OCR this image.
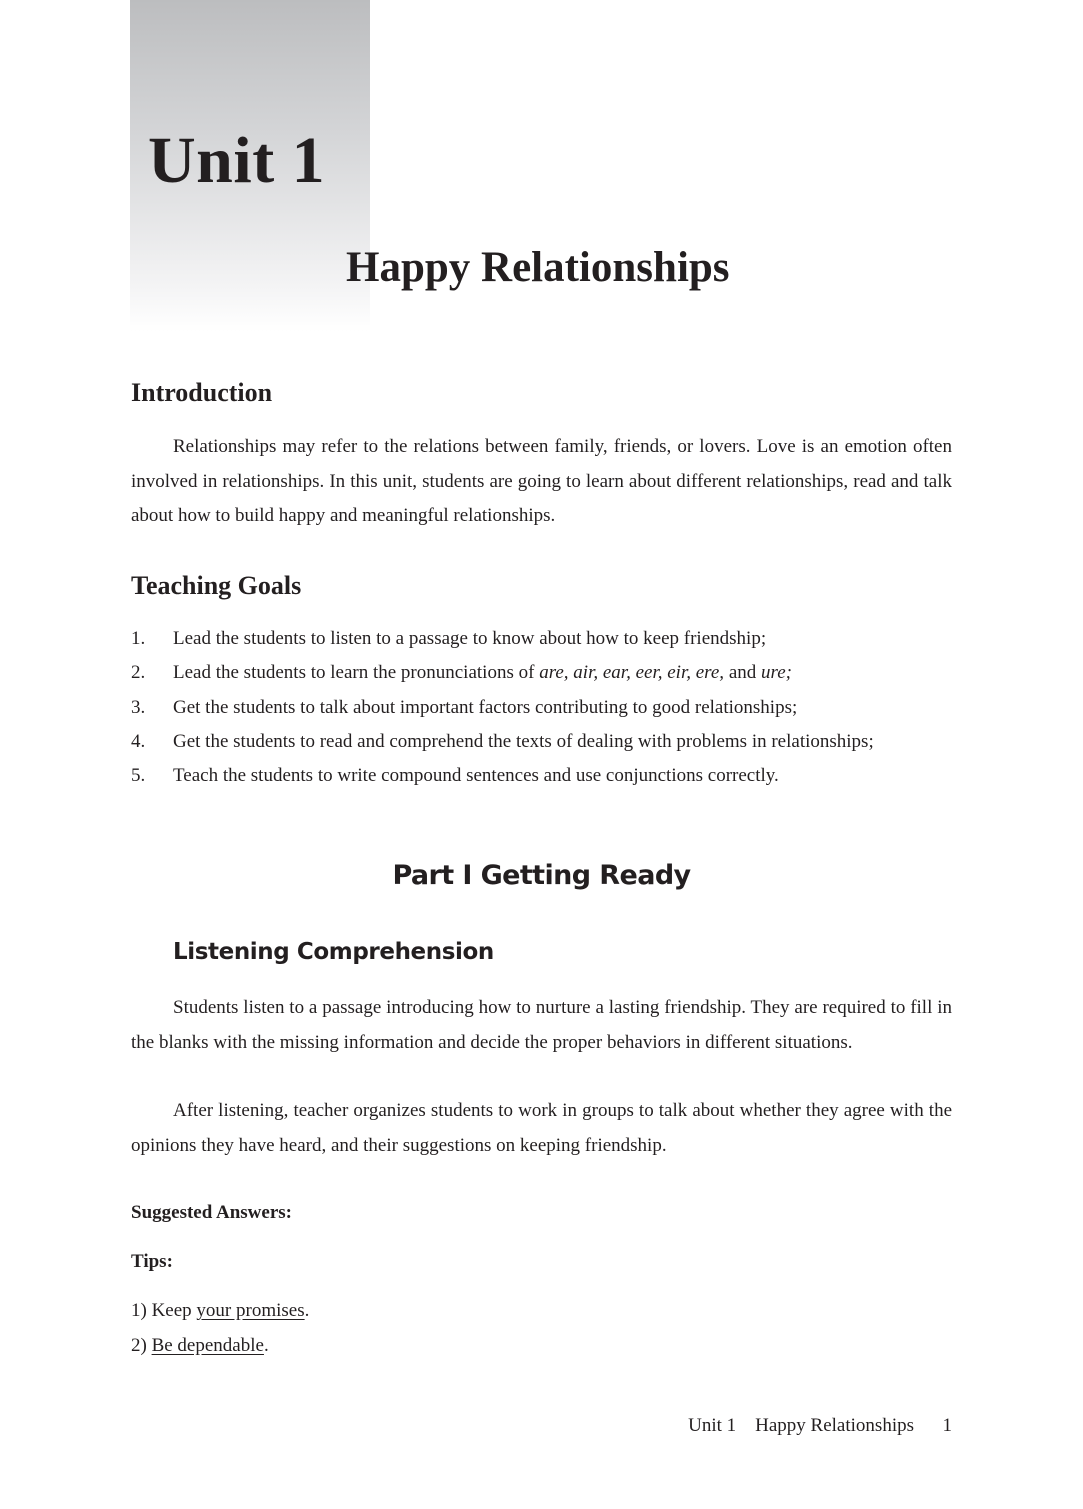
Unit 1
Happy Relationships
Introduction

Relationships may refer to the relations between family, friends, or lovers. Love is an emotion often involved in relationships. In this unit, students are going to learn about different relationships, read and talk about how to build happy and meaningful relationships.

Teaching Goals
1. Lead the students to listen to a passage to know about how to keep friendship;
2. Lead the students to learn the pronunciations of are, air, ear, eer, eir, ere, and ure;
3. Get the students to talk about important factors contributing to good relationships;
4. Get the students to read and comprehend the texts of dealing with problems in relationships;
5. Teach the students to write compound sentences and use conjunctions correctly.
Part I Getting Ready
Listening Comprehension

Students listen to a passage introducing how to nurture a lasting friendship. They are required to fill in the blanks with the missing information and decide the proper behaviors in different situations.

After listening, teacher organizes students to work in groups to talk about whether they agree with the opinions they have heard, and their suggestions on keeping friendship.

Suggested Answers:

Tips:

1) Keep your promises.

2) Be dependable.

Unit 1 Happy Relationships 1
